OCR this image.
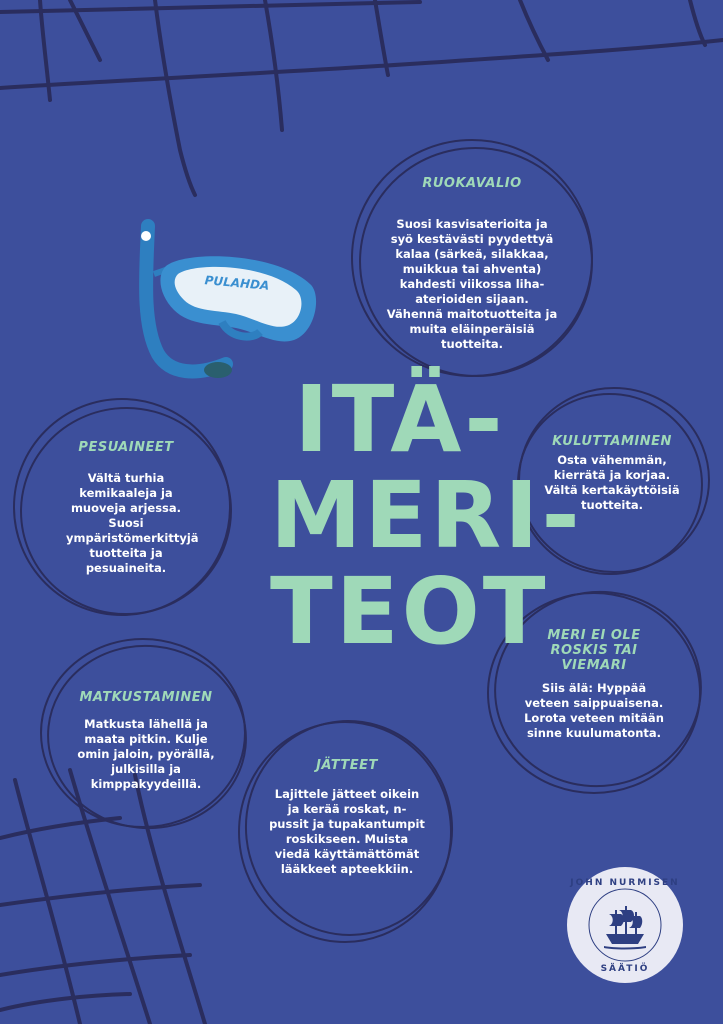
PULAHDA
ITÄ-
MERI-
TEOT
RUOKAVALIO
Suosi kasvisaterioita ja syö kestävästi pyydettyä kalaa (särkeä, silakkaa, muikkua tai ahventa) kahdesti viikossa liha-aterioiden sijaan. Vähennä maitotuotteita ja muita eläinperäisiä tuotteita.
PESUAINEET
Vältä turhia kemikaaleja ja muoveja arjessa. Suosi ympäristömerkittyjä tuotteita ja pesuaineita.
KULUTTAMINEN
Osta vähemmän, kierrätä ja korjaa. Vältä kertakäyttöisiä tuotteita.
MERI EI OLE ROSKIS TAI VIEMARI
Siis älä: Hyppää veteen saippuaisena. Lorota veteen mitään sinne kuulumatonta.
MATKUSTAMINEN
Matkusta lähellä ja maata pitkin. Kulje omin jaloin, pyörällä, julkisilla ja kimppakyydeillä.
JÄTTEET
Lajittele jätteet oikein ja kerää roskat, n-pussit ja tupakantumpit roskikseen. Muista viedä käyttämättömät lääkkeet apteekkiin.
JOHN NURMISEN
SÄÄTIÖ
